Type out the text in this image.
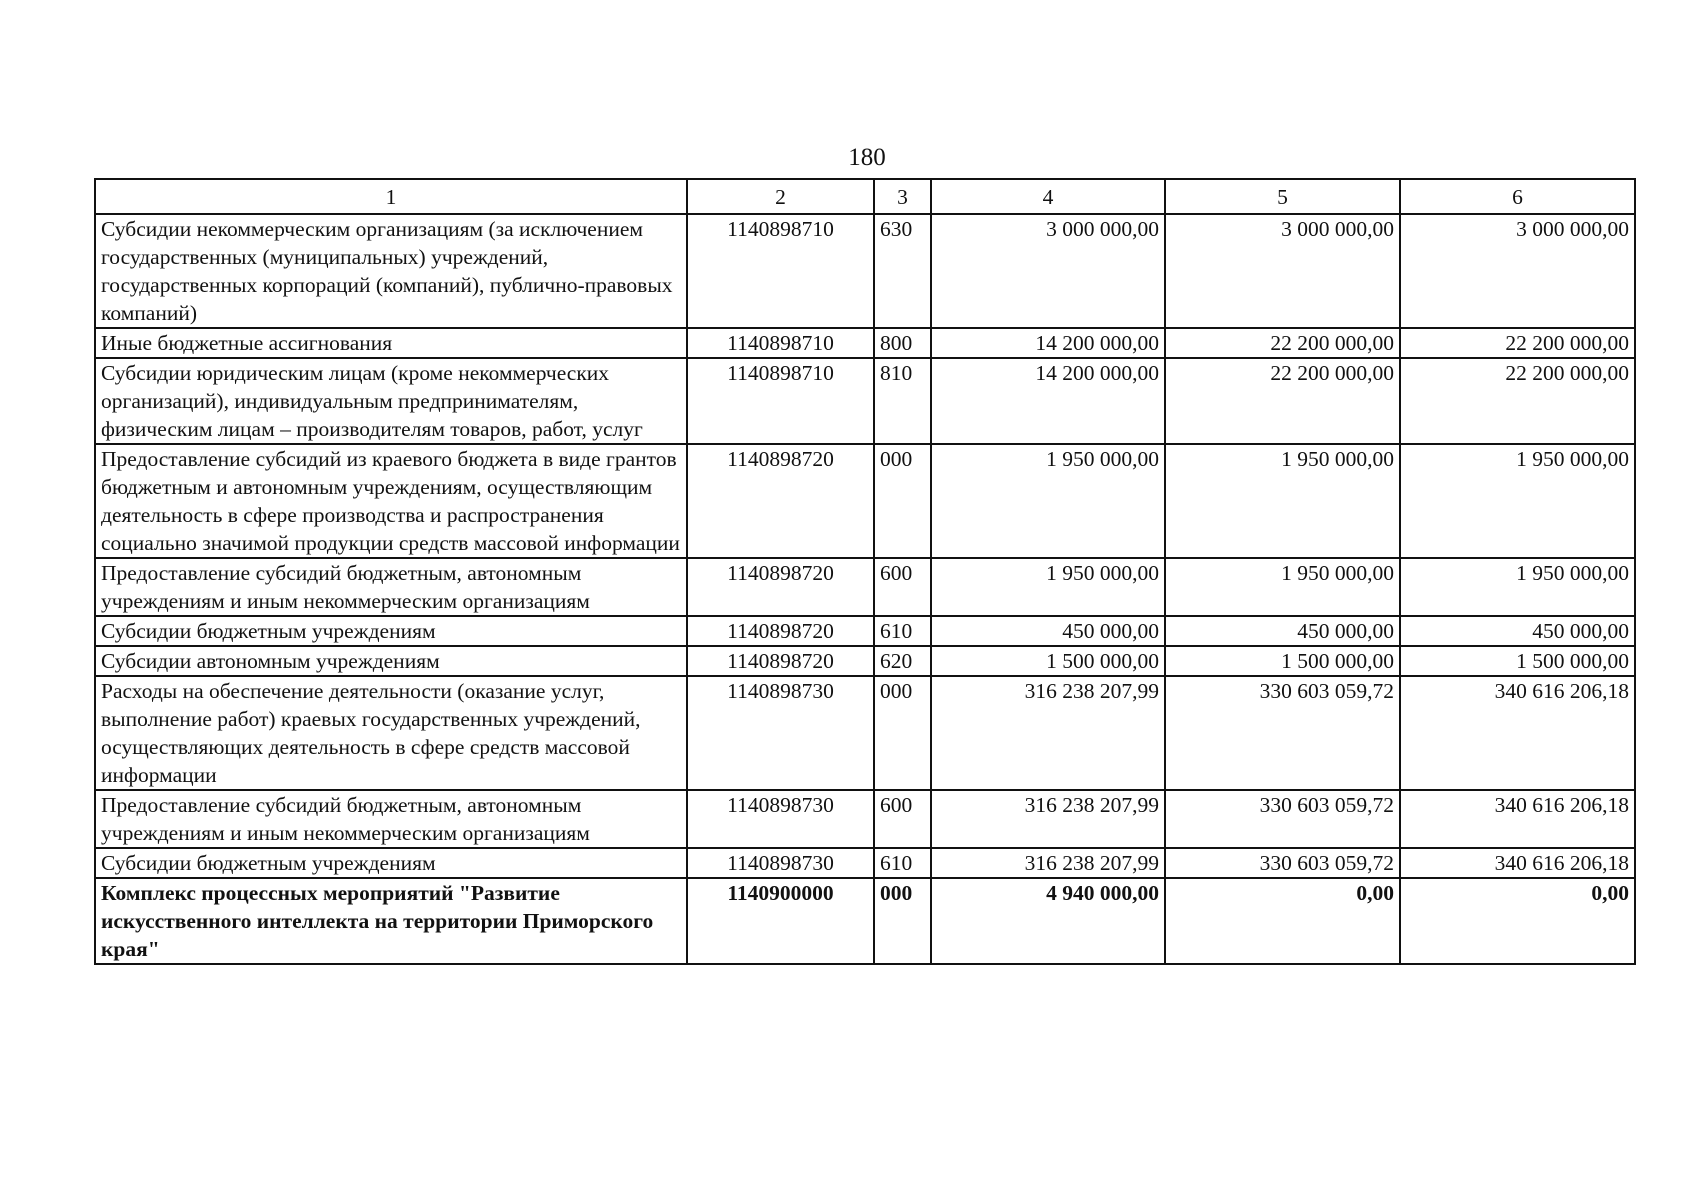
180
1	2	3	4	5	6
Субсидии некоммерческим организациям (за исключением государственных (муниципальных) учреждений, государственных корпораций (компаний), публично-правовых компаний)	1140898710	630	3 000 000,00	3 000 000,00	3 000 000,00
Иные бюджетные ассигнования	1140898710	800	14 200 000,00	22 200 000,00	22 200 000,00
Субсидии юридическим лицам (кроме некоммерческих организаций), индивидуальным предпринимателям, физическим лицам – производителям товаров, работ, услуг	1140898710	810	14 200 000,00	22 200 000,00	22 200 000,00
Предоставление субсидий из краевого бюджета в виде грантов бюджетным и автономным учреждениям, осуществляющим деятельность в сфере производства и распространения социально значимой продукции средств массовой информации	1140898720	000	1 950 000,00	1 950 000,00	1 950 000,00
Предоставление субсидий бюджетным, автономным учреждениям и иным некоммерческим организациям	1140898720	600	1 950 000,00	1 950 000,00	1 950 000,00
Субсидии бюджетным учреждениям	1140898720	610	450 000,00	450 000,00	450 000,00
Субсидии автономным учреждениям	1140898720	620	1 500 000,00	1 500 000,00	1 500 000,00
Расходы на обеспечение деятельности (оказание услуг, выполнение работ) краевых государственных учреждений, осуществляющих деятельность в сфере средств массовой информации	1140898730	000	316 238 207,99	330 603 059,72	340 616 206,18
Предоставление субсидий бюджетным, автономным учреждениям и иным некоммерческим организациям	1140898730	600	316 238 207,99	330 603 059,72	340 616 206,18
Субсидии бюджетным учреждениям	1140898730	610	316 238 207,99	330 603 059,72	340 616 206,18
Комплекс процессных мероприятий "Развитие искусственного интеллекта на территории Приморского края"	1140900000	000	4 940 000,00	0,00	0,00
